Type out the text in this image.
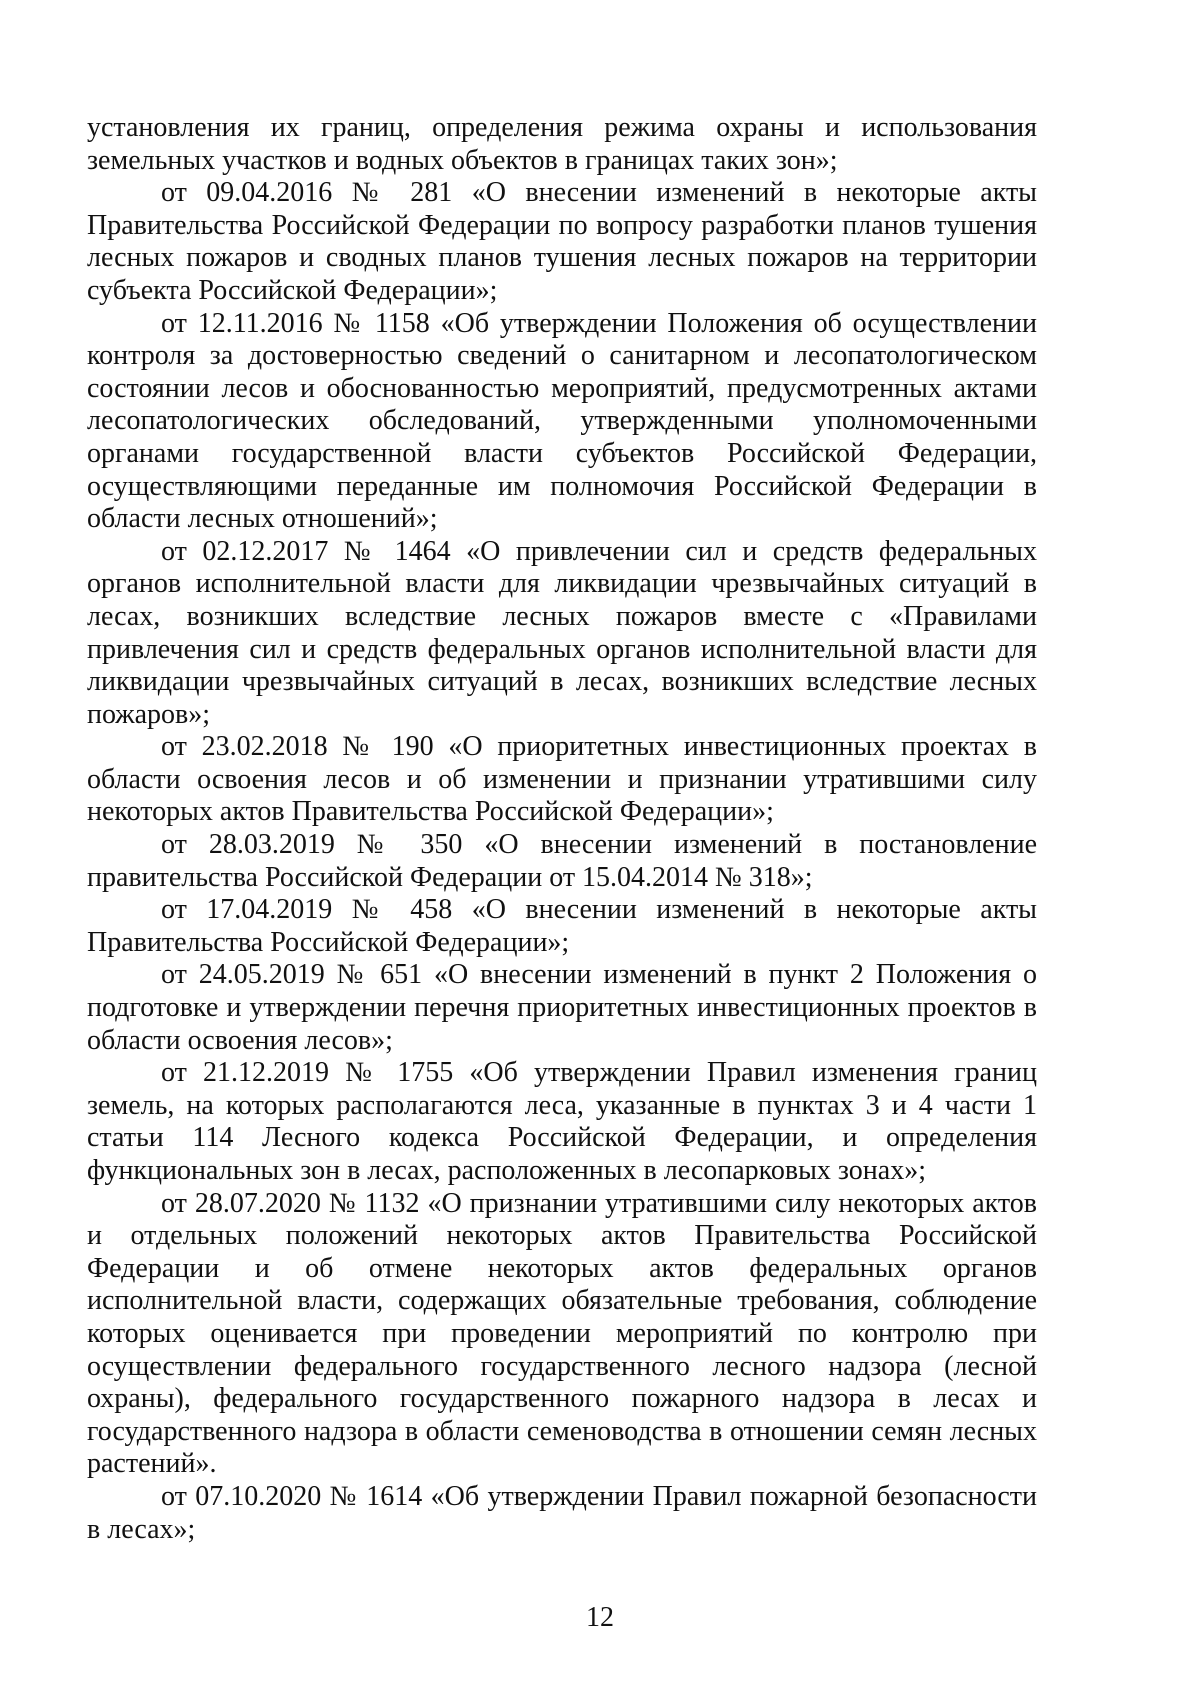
установления их границ, определения режима охраны и использования земельных участков и водных объектов в границах таких зон»;

от 09.04.2016 № 281 «О внесении изменений в некоторые акты Правительства Российской Федерации по вопросу разработки планов тушения лесных пожаров и сводных планов тушения лесных пожаров на территории субъекта Российской Федерации»;

от 12.11.2016 № 1158 «Об утверждении Положения об осуществлении контроля за достоверностью сведений о санитарном и лесопатологическом состоянии лесов и обоснованностью мероприятий, предусмотренных актами лесопатологических обследований, утвержденными уполномоченными органами государственной власти субъектов Российской Федерации, осуществляющими переданные им полномочия Российской Федерации в области лесных отношений»;

от 02.12.2017 № 1464 «О привлечении сил и средств федеральных органов исполнительной власти для ликвидации чрезвычайных ситуаций в лесах, возникших вследствие лесных пожаров вместе с «Правилами привлечения сил и средств федеральных органов исполнительной власти для ликвидации чрезвычайных ситуаций в лесах, возникших вследствие лесных пожаров»;

от 23.02.2018 № 190 «О приоритетных инвестиционных проектах в области освоения лесов и об изменении и признании утратившими силу некоторых актов Правительства Российской Федерации»;

от 28.03.2019 № 350 «О внесении изменений в постановление правительства Российской Федерации от 15.04.2014 № 318»;

от 17.04.2019 № 458 «О внесении изменений в некоторые акты Правительства Российской Федерации»;

от 24.05.2019 № 651 «О внесении изменений в пункт 2 Положения о подготовке и утверждении перечня приоритетных инвестиционных проектов в области освоения лесов»;

от 21.12.2019 № 1755 «Об утверждении Правил изменения границ земель, на которых располагаются леса, указанные в пунктах 3 и 4 части 1 статьи 114 Лесного кодекса Российской Федерации, и определения функциональных зон в лесах, расположенных в лесопарковых зонах»;

от 28.07.2020 № 1132 «О признании утратившими силу некоторых актов и отдельных положений некоторых актов Правительства Российской Федерации и об отмене некоторых актов федеральных органов исполнительной власти, содержащих обязательные требования, соблюдение которых оценивается при проведении мероприятий по контролю при осуществлении федерального государственного лесного надзора (лесной охраны), федерального государственного пожарного надзора в лесах и государственного надзора в области семеноводства в отношении семян лесных растений».

от 07.10.2020 № 1614 «Об утверждении Правил пожарной безопасности в лесах»;

12
